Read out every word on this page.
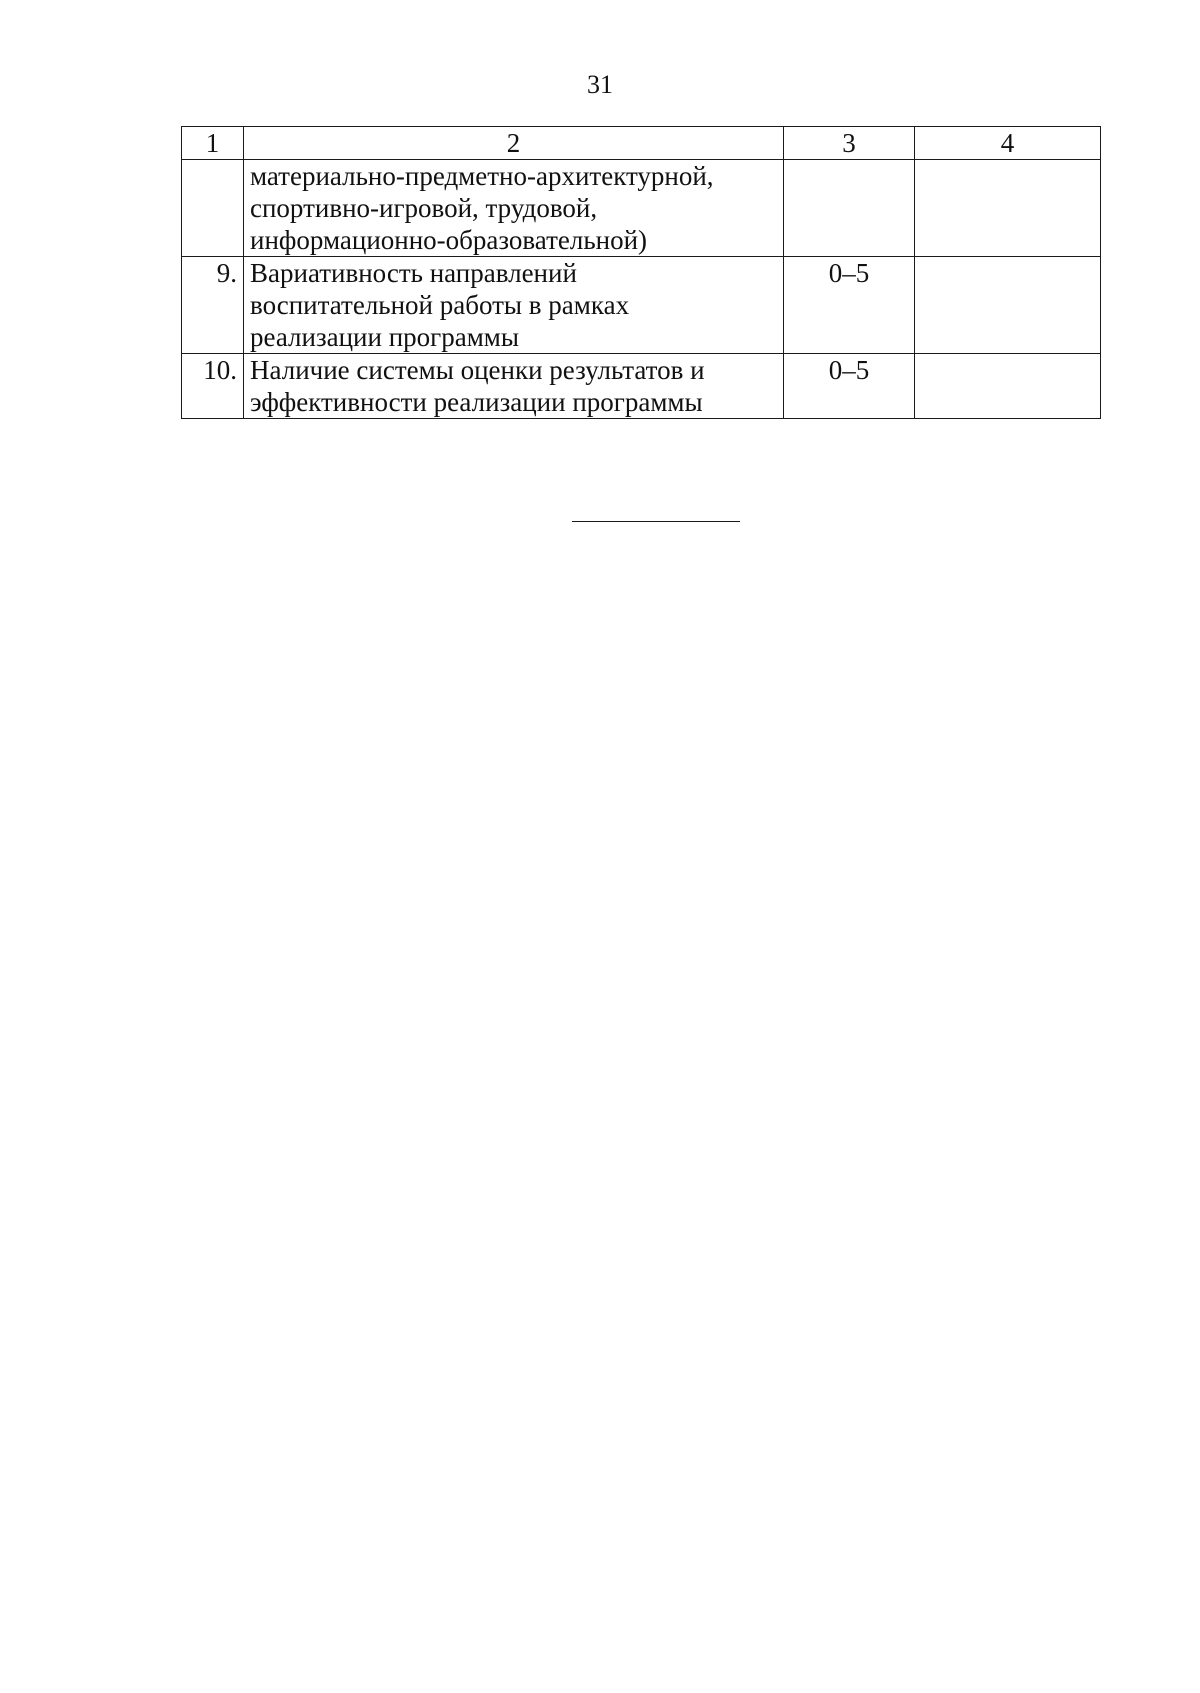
31
1	2	3	4

	материально-предметно-архитектурной,
спортивно-игровой, трудовой,
информационно-образовательной)		

9.	Вариативность направлений
воспитательной работы в рамках
реализации программы	0–5	
10.	Наличие системы оценки результатов и
эффективности реализации программы	0–5	
